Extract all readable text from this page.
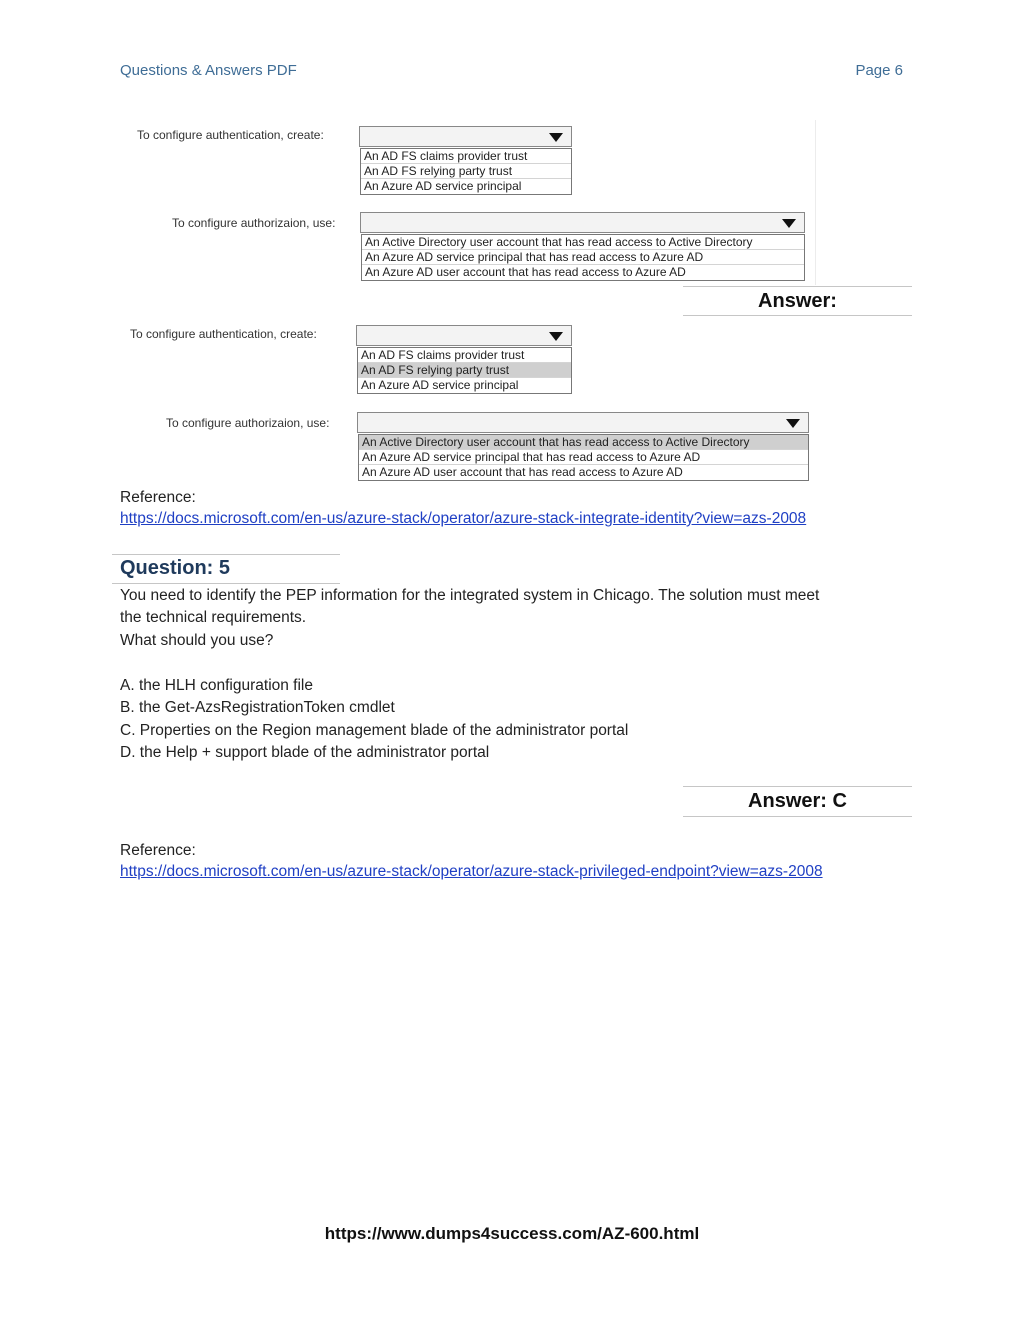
Questions & Answers PDF	Page 6
To configure authentication, create:
An AD FS claims provider trust
An AD FS relying party trust
An Azure AD service principal
To configure authorizaion, use:
An Active Directory user account that has read access to Active Directory
An Azure AD service principal that has read access to Azure AD
An Azure AD user account that has read access to Azure AD
Answer:
To configure authentication, create:
An AD FS claims provider trust
An AD FS relying party trust
An Azure AD service principal
To configure authorizaion, use:
An Active Directory user account that has read access to Active Directory
An Azure AD service principal that has read access to Azure AD
An Azure AD user account that has read access to Azure AD
Reference:
https://docs.microsoft.com/en-us/azure-stack/operator/azure-stack-integrate-identity?view=azs-2008
Question: 5
You need to identify the PEP information for the integrated system in Chicago. The solution must meet
the technical requirements.
What should you use?
A. the HLH configuration file
B. the Get-AzsRegistrationToken cmdlet
C. Properties on the Region management blade of the administrator portal
D. the Help + support blade of the administrator portal
Answer: C
Reference:
https://docs.microsoft.com/en-us/azure-stack/operator/azure-stack-privileged-endpoint?view=azs-2008
https://www.dumps4success.com/AZ-600.html
